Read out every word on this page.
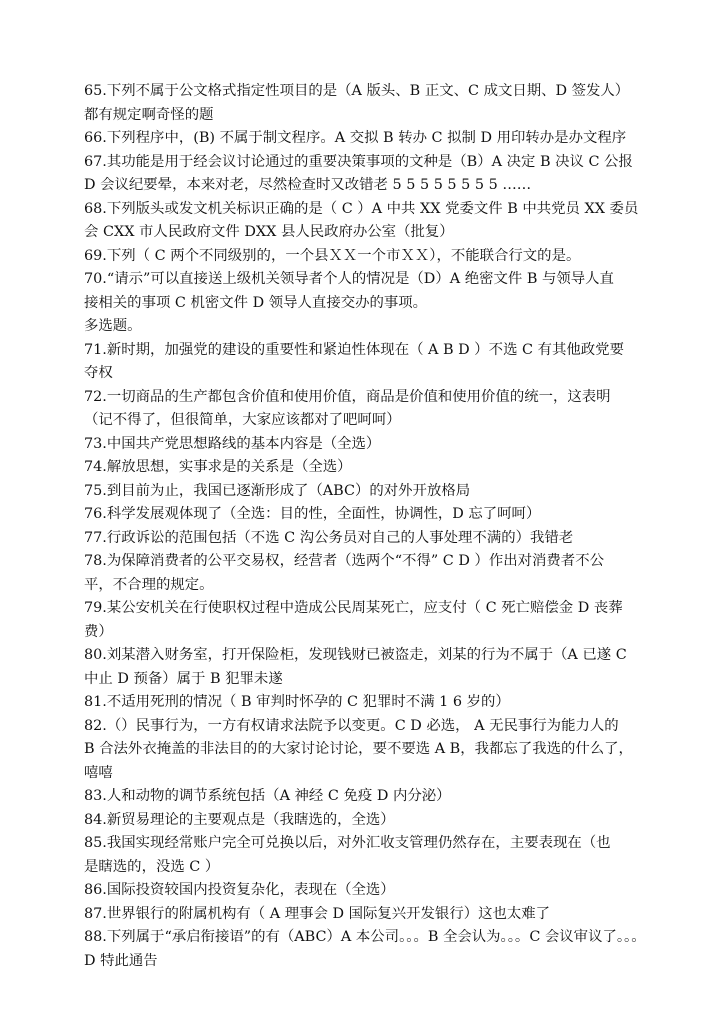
65.下列不属于公文格式指定性项目的是（A 版头、B 正文、C 成文日期、D 签发人）
都有规定啊奇怪的题
66.下列程序中，(B) 不属于制文程序。A 交拟 B 转办 C 拟制 D 用印转办是办文程序
67.其功能是用于经会议讨论通过的重要决策事项的文种是（B）A 决定 B 决议 C 公报
D 会议纪要晕，本来对老，尽然检查时又改错老 5 5 5 5 5 5 5 5 ……
68.下列版头或发文机关标识正确的是（ C ）A 中共 XX 党委文件 B 中共党员 XX 委员
会 CXX 市人民政府文件 DXX 县人民政府办公室（批复）
69.下列（ C 两个不同级别的，一个县ＸＸ一个市ＸＸ），不能联合行文的是。
70.“请示”可以直接送上级机关领导者个人的情况是（D）A 绝密文件 B 与领导人直
接相关的事项 C 机密文件 D 领导人直接交办的事项。
多选题。
71.新时期，加强党的建设的重要性和紧迫性体现在（ A B D ）不选 C 有其他政党要
夺权
72.一切商品的生产都包含价值和使用价值，商品是价值和使用价值的统一，这表明
（记不得了，但很简单，大家应该都对了吧呵呵）
73.中国共产党思想路线的基本内容是（全选）
74.解放思想，实事求是的关系是（全选）
75.到目前为止，我国已逐渐形成了（ABC）的对外开放格局
76.科学发展观体现了（全选：目的性，全面性，协调性，D 忘了呵呵）
77.行政诉讼的范围包括（不选 C 沟公务员对自己的人事处理不满的）我错老
78.为保障消费者的公平交易权，经营者（选两个“不得” C D ）作出对消费者不公
平，不合理的规定。
79.某公安机关在行使职权过程中造成公民周某死亡，应支付（ C 死亡赔偿金 D 丧葬
费）
80.刘某潜入财务室，打开保险柜，发现钱财已被盗走，刘某的行为不属于（A 已遂 C
中止 D 预备）属于 B 犯罪未遂
81.不适用死刑的情况（ B 审判时怀孕的 C 犯罪时不满 1 6 岁的）
82.（）民事行为，一方有权请求法院予以变更。C D 必选， A 无民事行为能力人的
B 合法外衣掩盖的非法目的的大家讨论讨论，要不要选 A B，我都忘了我选的什么了，
嘻嘻
83.人和动物的调节系统包括（A 神经 C 免疫 D 内分泌）
84.新贸易理论的主要观点是（我瞎选的，全选）
85.我国实现经常账户完全可兑换以后，对外汇收支管理仍然存在，主要表现在（也
是瞎选的，没选 C ）
86.国际投资较国内投资复杂化，表现在（全选）
87.世界银行的附属机构有（ A 理事会 D 国际复兴开发银行）这也太难了
88.下列属于“承启衔接语”的有（ABC）A 本公司。。。B 全会认为。。。C 会议审议了。。。
D 特此通告
